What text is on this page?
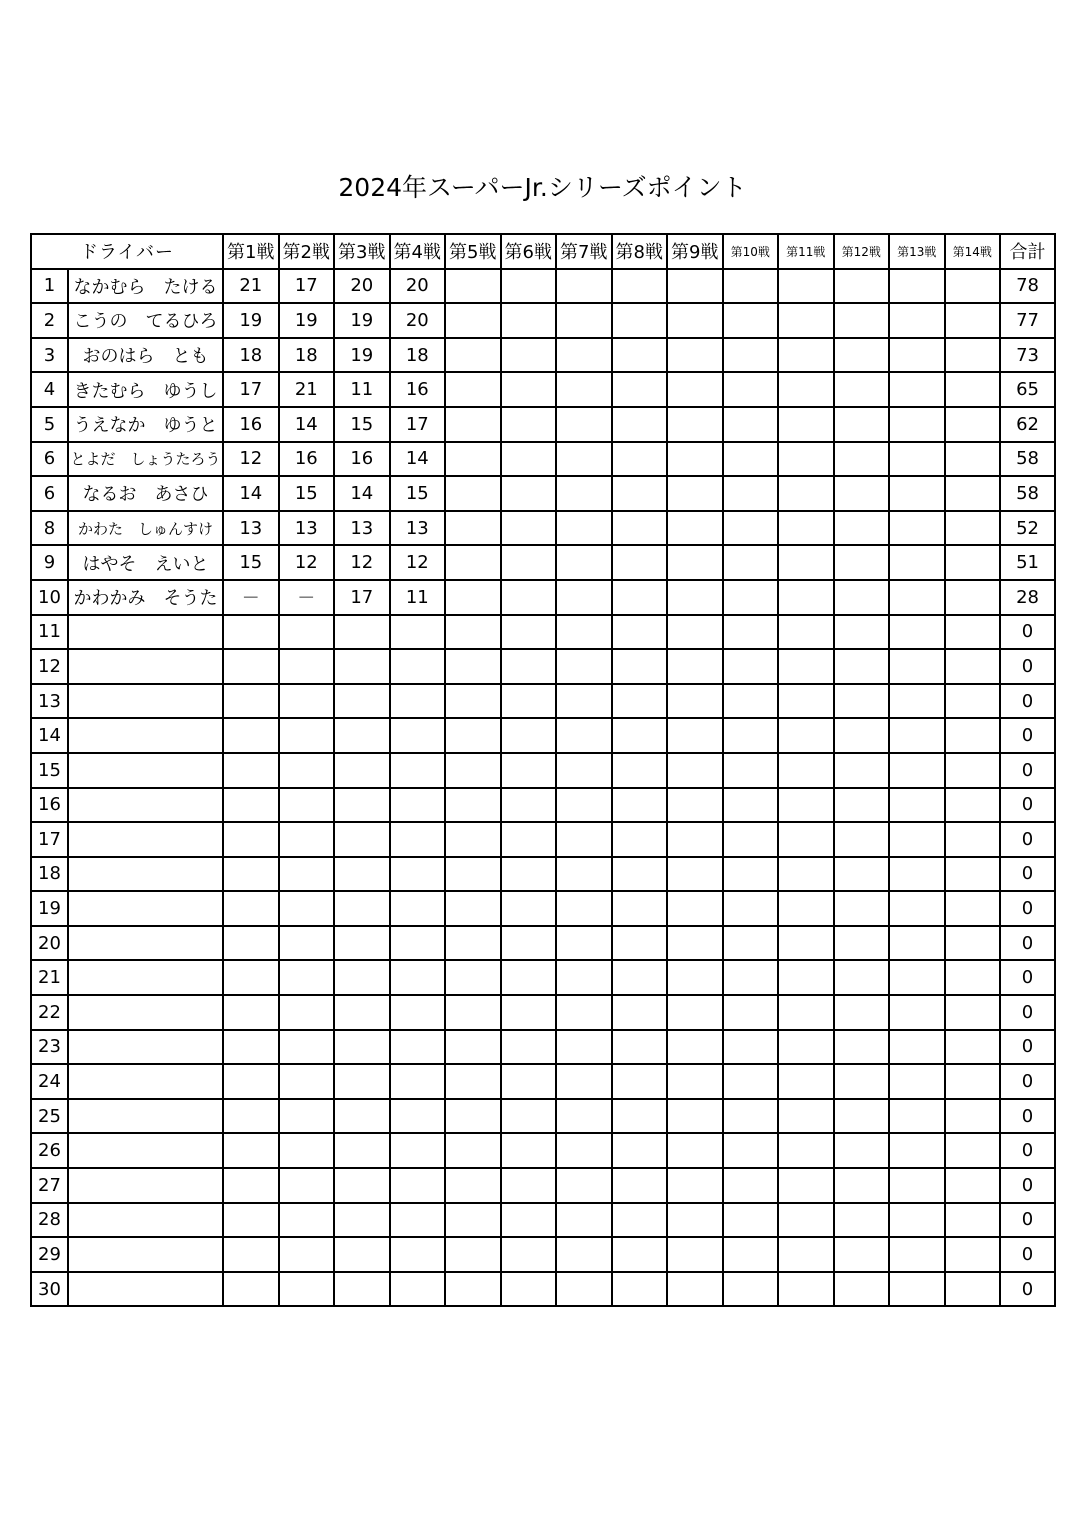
2024年スーパーJr.シリーズポイント
ドライバー		第1戦	第2戦	第3戦	第4戦	第5戦	第6戦	第7戦	第8戦	第9戦	第10戦	第11戦	第12戦	第13戦	第14戦	合計
1	なかむら　たける	21	17	20	20											78
2	こうの　てるひろ	19	19	19	20											77
3	おのはら　とも	18	18	19	18											73
4	きたむら　ゆうし	17	21	11	16											65
5	うえなか　ゆうと	16	14	15	17											62
6	とよだ　しょうたろう	12	16	16	14											58
6	なるお　あさひ	14	15	14	15											58
8	かわた　しゅんすけ	13	13	13	13											52
9	はやそ　えいと	15	12	12	12											51
10	かわかみ　そうた	－	－	17	11											28
11																0
12																0
13																0
14																0
15																0
16																0
17																0
18																0
19																0
20																0
21																0
22																0
23																0
24																0
25																0
26																0
27																0
28																0
29																0
30																0
